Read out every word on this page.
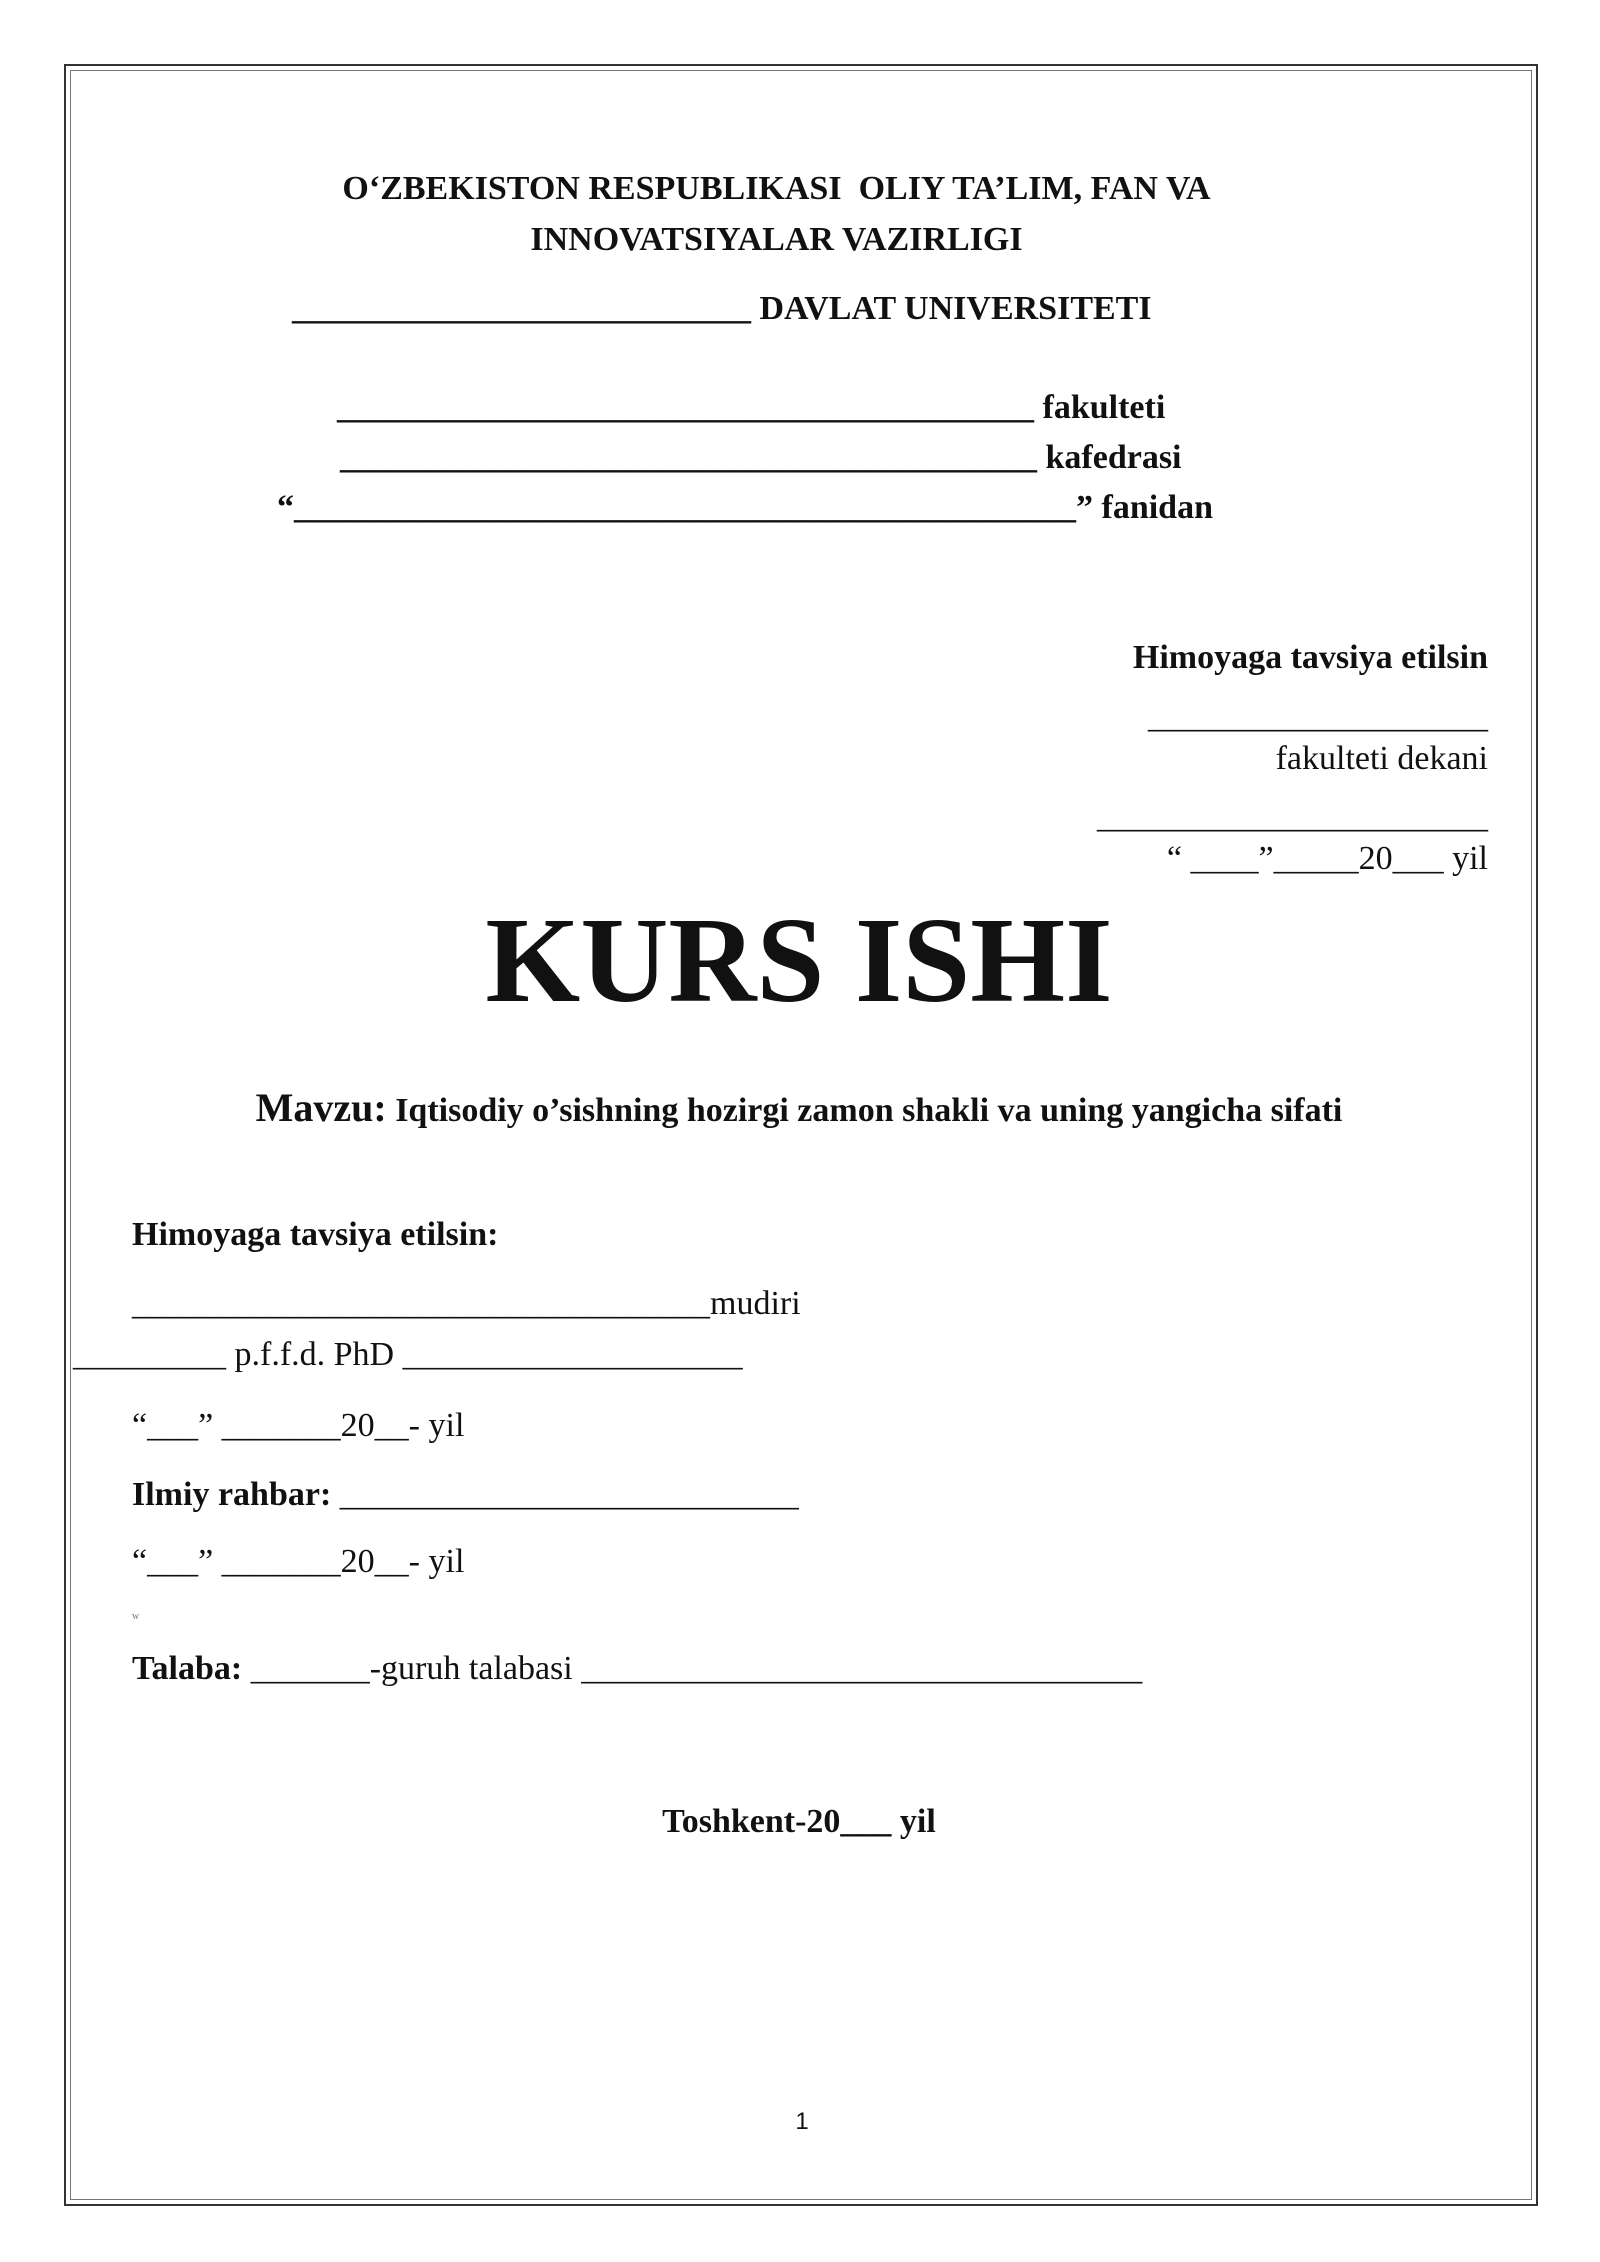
O‘ZBEKISTON RESPUBLIKASI  OLIY TA’LIM, FAN VA
INNOVATSIYALAR VAZIRLIGI
___________________________ DAVLAT UNIVERSITETI
_________________________________________ fakulteti
_________________________________________ kafedrasi
“______________________________________________” fanidan
Himoyaga tavsiya etilsin
____________________
fakulteti dekani
_______________________
“ ____”_____20___ yil
KURS ISHI
Mavzu: Iqtisodiy o’sishning hozirgi zamon shakli va uning yangicha sifati
Himoyaga tavsiya etilsin:
__________________________________mudiri
_________ p.f.f.d. PhD ____________________
“___” _______20__- yil
Ilmiy rahbar: ___________________________
“___” _______20__- yil
w
Talaba: _______-guruh talabasi _________________________________
Toshkent-20___ yil
1
